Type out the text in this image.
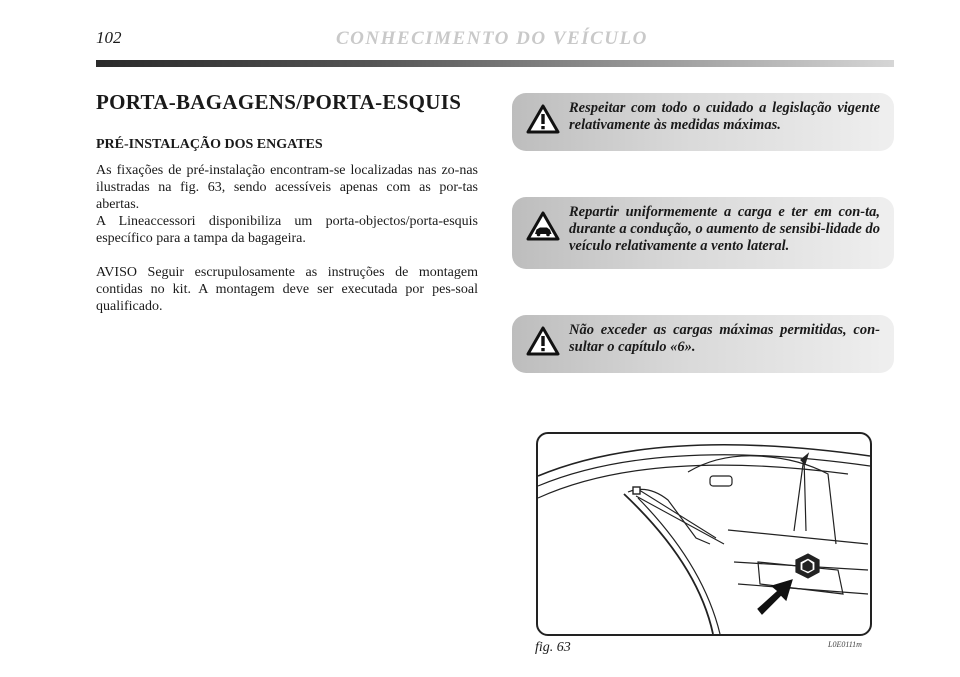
102	CONHECIMENTO DO VEÍCULO
PORTA-BAGAGENS/PORTA-ESQUIS
PRÉ-INSTALAÇÃO DOS ENGATES

As fixações de pré-instalação encontram-se localizadas nas zo-nas ilustradas na fig. 63, sendo acessíveis apenas com as por-tas abertas.

A Lineaccessori disponibiliza um porta-objectos/porta-esquis específico para a tampa da bagageira.

AVISO Seguir escrupulosamente as instruções de montagem contidas no kit. A montagem deve ser executada por pes-soal qualificado.

Respeitar com todo o cuidado a legislação vigente relativamente às medidas máximas.

Repartir uniformemente a carga e ter em con-ta, durante a condução, o aumento de sensibi-lidade do veículo relativamente a vento lateral.

Não exceder as cargas máximas permitidas, con-sultar o capítulo «6».

fig. 63	L0E0111m
